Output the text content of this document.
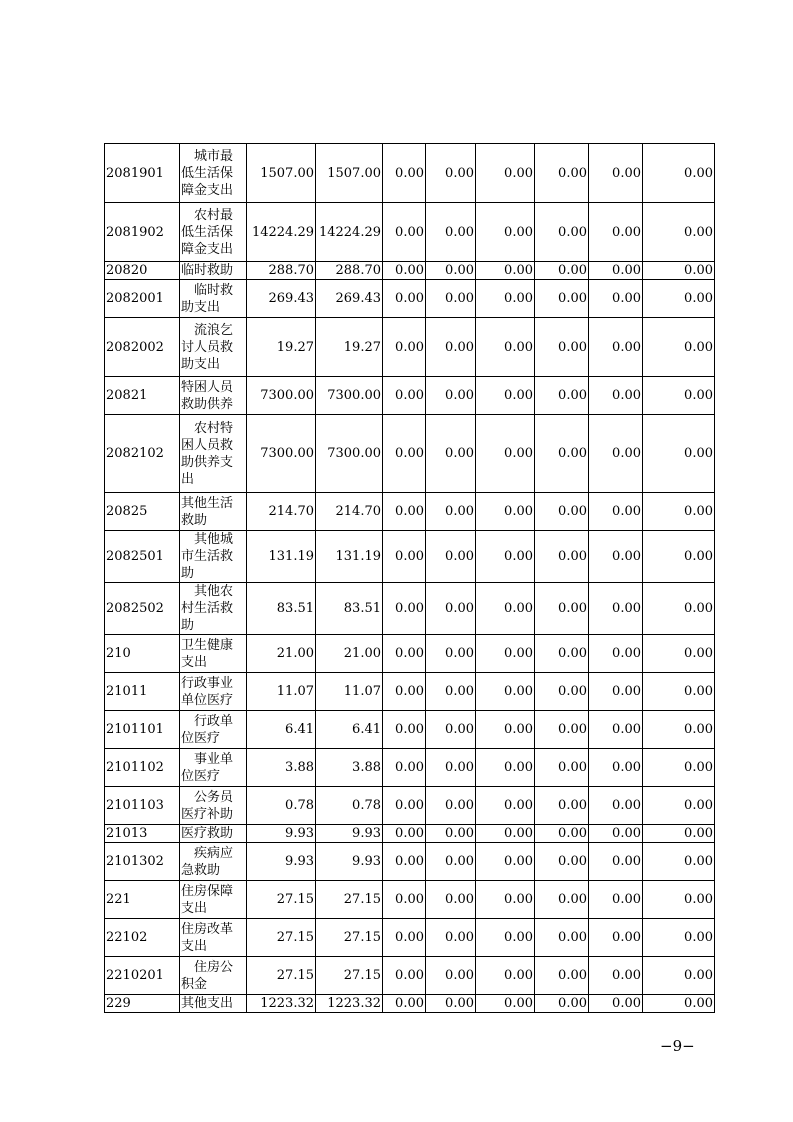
2081901	城市最低生活保障金支出	1507.00	1507.00	0.00	0.00	0.00	0.00	0.00	0.00
2081902	农村最低生活保障金支出	14224.29	14224.29	0.00	0.00	0.00	0.00	0.00	0.00
20820	临时救助	288.70	288.70	0.00	0.00	0.00	0.00	0.00	0.00
2082001	临时救助支出	269.43	269.43	0.00	0.00	0.00	0.00	0.00	0.00
2082002	流浪乞讨人员救助支出	19.27	19.27	0.00	0.00	0.00	0.00	0.00	0.00
20821	特困人员救助供养	7300.00	7300.00	0.00	0.00	0.00	0.00	0.00	0.00
2082102	农村特困人员救助供养支出	7300.00	7300.00	0.00	0.00	0.00	0.00	0.00	0.00
20825	其他生活救助	214.70	214.70	0.00	0.00	0.00	0.00	0.00	0.00
2082501	其他城市生活救助	131.19	131.19	0.00	0.00	0.00	0.00	0.00	0.00
2082502	其他农村生活救助	83.51	83.51	0.00	0.00	0.00	0.00	0.00	0.00
210	卫生健康支出	21.00	21.00	0.00	0.00	0.00	0.00	0.00	0.00
21011	行政事业单位医疗	11.07	11.07	0.00	0.00	0.00	0.00	0.00	0.00
2101101	行政单位医疗	6.41	6.41	0.00	0.00	0.00	0.00	0.00	0.00
2101102	事业单位医疗	3.88	3.88	0.00	0.00	0.00	0.00	0.00	0.00
2101103	公务员医疗补助	0.78	0.78	0.00	0.00	0.00	0.00	0.00	0.00
21013	医疗救助	9.93	9.93	0.00	0.00	0.00	0.00	0.00	0.00
2101302	疾病应急救助	9.93	9.93	0.00	0.00	0.00	0.00	0.00	0.00
221	住房保障支出	27.15	27.15	0.00	0.00	0.00	0.00	0.00	0.00
22102	住房改革支出	27.15	27.15	0.00	0.00	0.00	0.00	0.00	0.00
2210201	住房公积金	27.15	27.15	0.00	0.00	0.00	0.00	0.00	0.00
229	其他支出	1223.32	1223.32	0.00	0.00	0.00	0.00	0.00	0.00
−9−
